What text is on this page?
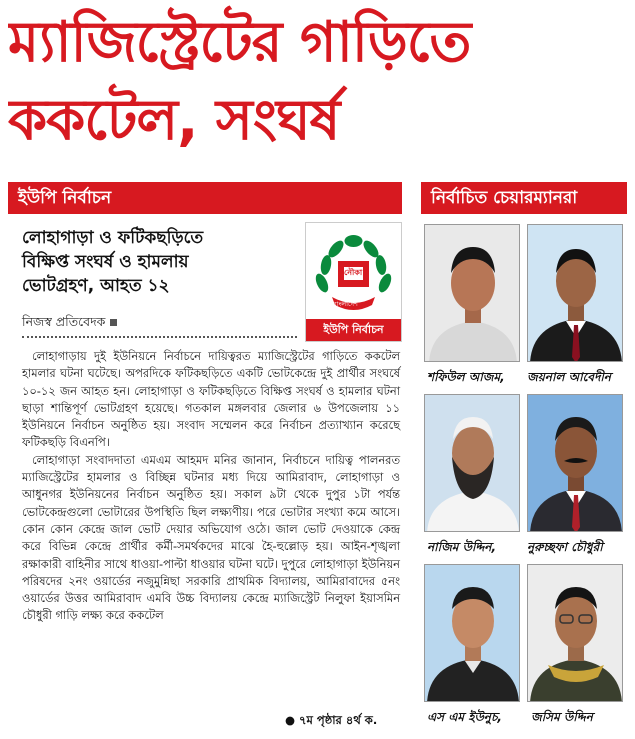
ম্যাজিস্ট্রেটের গাড়িতে
ককটেল, সংঘর্ষ
ইউপি নির্বাচন	নির্বাচিত চেয়ারম্যানরা
লোহাগাড়া ও ফটিকছড়িতে
বিক্ষিপ্ত সংঘর্ষ ও হামলায়
ভোটগ্রহণ, আহত ১২
নৌকা
বাংলাদেশ
ইউপি নির্বাচন
নিজস্ব প্রতিবেদক

লোহাগাড়ায় দুই ইউনিয়নে নির্বাচনে দায়িত্বরত ম্যাজিস্ট্রেটের গাড়িতে ককটেল হামলার ঘটনা ঘটেছে। অপরদিকে ফটিকছড়িতে একটি ভোটকেন্দ্রে দুই প্রার্থীর সংঘর্ষে ১০-১২ জন আহত হন। লোহাগাড়া ও ফটিকছড়িতে বিক্ষিপ্ত সংঘর্ষ ও হামলার ঘটনা ছাড়া শান্তিপূর্ণ ভোটগ্রহণ হয়েছে। গতকাল মঙ্গলবার জেলার ৬ উপজেলায় ১১ ইউনিয়নে নির্বাচন অনুষ্ঠিত হয়। সংবাদ সম্মেলন করে নির্বাচন প্রত্যাখ্যান করেছে ফটিকছড়ি বিএনপি।

লোহাগাড়া সংবাদদাতা এমএম আহমদ মনির জানান, নির্বাচনে দায়িত্ব পালনরত ম্যাজিস্ট্রেটের হামলার ও বিচ্ছিন্ন ঘটনার মধ্য দিয়ে আমিরাবাদ, লোহাগাড়া ও আধুনগর ইউনিয়নের নির্বাচন অনুষ্ঠিত হয়। সকাল ৯টা থেকে দুপুর ১টা পর্যন্ত ভোটকেন্দ্রগুলো ভোটারের উপস্থিতি ছিল লক্ষ্যণীয়। পরে ভোটার সংখ্যা কমে আসে। কোন কোন কেন্দ্রে জাল ভোট দেয়ার অভিযোগ ওঠে। জাল ভোট দেওয়াকে কেন্দ্র করে বিভিন্ন কেন্দ্রে প্রার্থীর কর্মী-সমর্থকদের মাঝে হৈ-হুল্লোড় হয়। আইন-শৃঙ্খলা রক্ষাকারী বাহিনীর সাথে ধাওয়া-পাল্টা ধাওয়ার ঘটনা ঘটে। দুপুরে লোহাগাড়া ইউনিয়ন পরিষদের ২নং ওয়ার্ডের নজুমুন্নিছা সরকারি প্রাথমিক বিদ্যালয়, আমিরাবাদের ৫নং ওয়ার্ডের উত্তর আমিরাবাদ এমবি উচ্চ বিদ্যালয় কেন্দ্রে ম্যাজিস্ট্রেট নিলুফা ইয়াসমিন চৌধুরী গাড়ি লক্ষ্য করে ককটেল

● ৭ম পৃষ্ঠার ৪র্থ ক.
শফিউল আজম, জয়নাল আবেদীন
নাজিম উদ্দিন,	নুরুচ্ছফা চৌধুরী
এস এম ইউনুচ, জসিম উদ্দিন
